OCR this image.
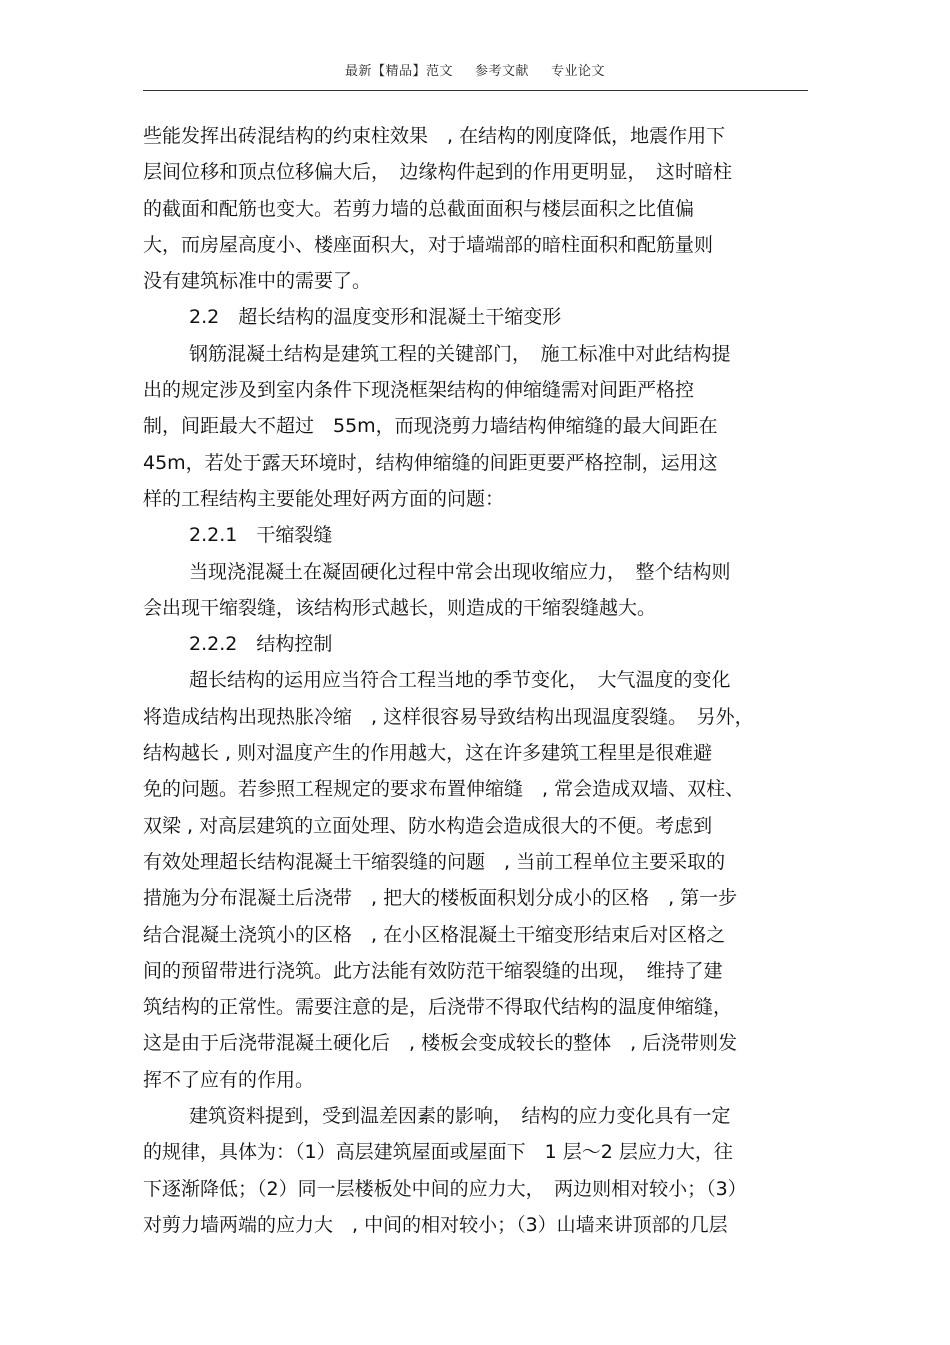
最新【精品】范文 参考文献 专业论文
些能发挥出砖混结构的约束柱效果　, 在结构的刚度降低，地震作用下
层间位移和顶点位移偏大后，　边缘构件起到的作用更明显，　这时暗柱
的截面和配筋也变大。若剪力墙的总截面面积与楼层面积之比值偏
大，而房屋高度小、楼座面积大，对于墙端部的暗柱面积和配筋量则
没有建筑标准中的需要了。
2.2　超长结构的温度变形和混凝土干缩变形
钢筋混凝土结构是建筑工程的关键部门，　施工标准中对此结构提
出的规定涉及到室内条件下现浇框架结构的伸缩缝需对间距严格控
制，间距最大不超过　55m，而现浇剪力墙结构伸缩缝的最大间距在
45m，若处于露天环境时，结构伸缩缝的间距更要严格控制，运用这
样的工程结构主要能处理好两方面的问题：
2.2.1　干缩裂缝
当现浇混凝土在凝固硬化过程中常会出现收缩应力，　整个结构则
会出现干缩裂缝，该结构形式越长，则造成的干缩裂缝越大。
2.2.2　结构控制
超长结构的运用应当符合工程当地的季节变化，　大气温度的变化
将造成结构出现热胀冷缩　, 这样很容易导致结构出现温度裂缝。　另外，
结构越长 , 则对温度产生的作用越大，这在许多建筑工程里是很难避
免的问题。若参照工程规定的要求布置伸缩缝　, 常会造成双墙、双柱、
双梁 , 对高层建筑的立面处理、防水构造会造成很大的不便。考虑到
有效处理超长结构混凝土干缩裂缝的问题　, 当前工程单位主要采取的
措施为分布混凝土后浇带　, 把大的楼板面积划分成小的区格　, 第一步
结合混凝土浇筑小的区格　, 在小区格混凝土干缩变形结束后对区格之
间的预留带进行浇筑。此方法能有效防范干缩裂缝的出现，　维持了建
筑结构的正常性。需要注意的是，后浇带不得取代结构的温度伸缩缝，
这是由于后浇带混凝土硬化后　, 楼板会变成较长的整体　, 后浇带则发
挥不了应有的作用。
建筑资料提到，受到温差因素的影响，　结构的应力变化具有一定
的规律，具体为：（1）高层建筑屋面或屋面下　1 层～2 层应力大，往
下逐渐降低；（2）同一层楼板处中间的应力大，　两边则相对较小；（3）
对剪力墙两端的应力大　, 中间的相对较小；（3）山墙来讲顶部的几层
